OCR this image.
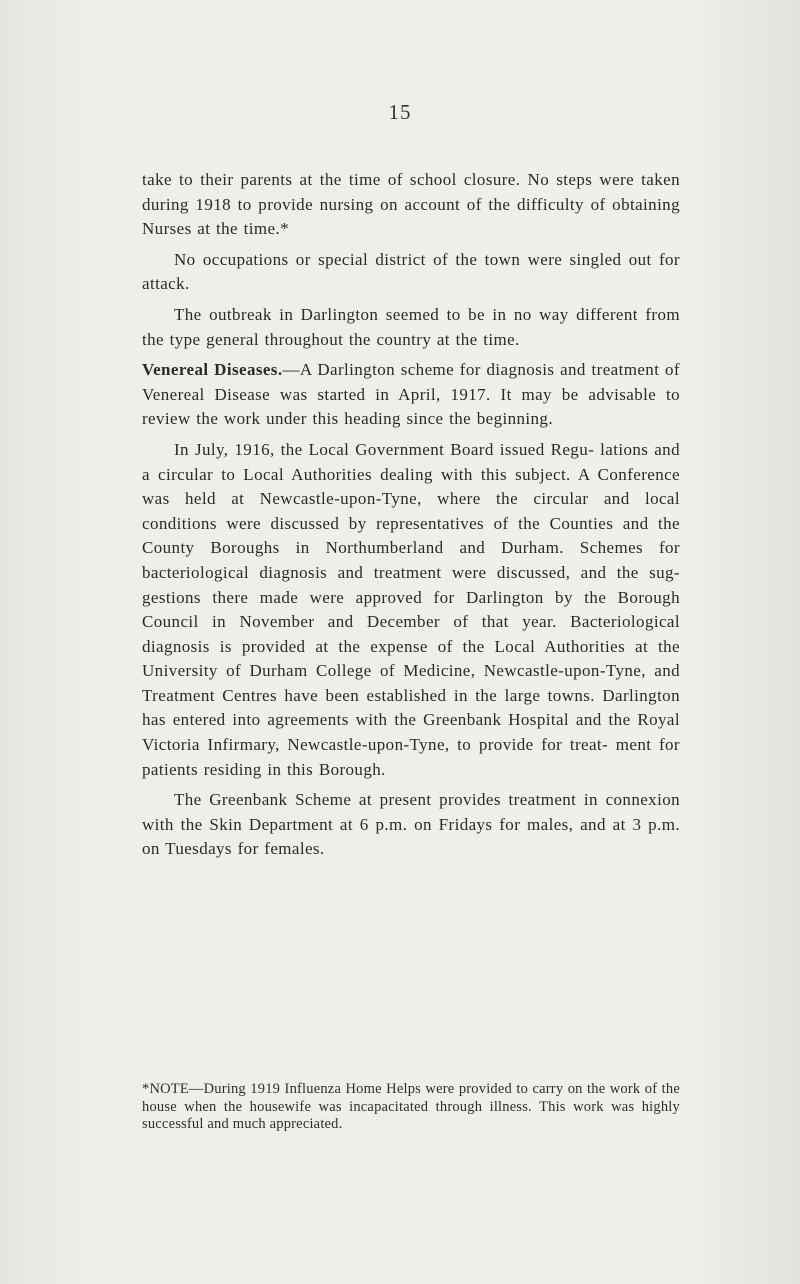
15

take to their parents at the time of school closure. No steps were taken during 1918 to provide nursing on account of the difficulty of obtaining Nurses at the time.*

No occupations or special district of the town were singled out for attack.

The outbreak in Darlington seemed to be in no way different from the type general throughout the country at the time.

Venereal Diseases.—A Darlington scheme for diagnosis and treatment of Venereal Disease was started in April, 1917. It may be advisable to review the work under this heading since the beginning.

In July, 1916, the Local Government Board issued Regu- lations and a circular to Local Authorities dealing with this subject. A Conference was held at Newcastle-upon-Tyne, where the circular and local conditions were discussed by representatives of the Counties and the County Boroughs in Northumberland and Durham. Schemes for bacteriological diagnosis and treatment were discussed, and the sug- gestions there made were approved for Darlington by the Borough Council in November and December of that year. Bacteriological diagnosis is provided at the expense of the Local Authorities at the University of Durham College of Medicine, Newcastle-upon-Tyne, and Treatment Centres have been established in the large towns. Darlington has entered into agreements with the Greenbank Hospital and the Royal Victoria Infirmary, Newcastle-upon-Tyne, to provide for treat- ment for patients residing in this Borough.

The Greenbank Scheme at present provides treatment in connexion with the Skin Department at 6 p.m. on Fridays for males, and at 3 p.m. on Tuesdays for females.

*NOTE—During 1919 Influenza Home Helps were provided to carry on the work of the house when the housewife was incapacitated through illness. This work was highly successful and much appreciated.
